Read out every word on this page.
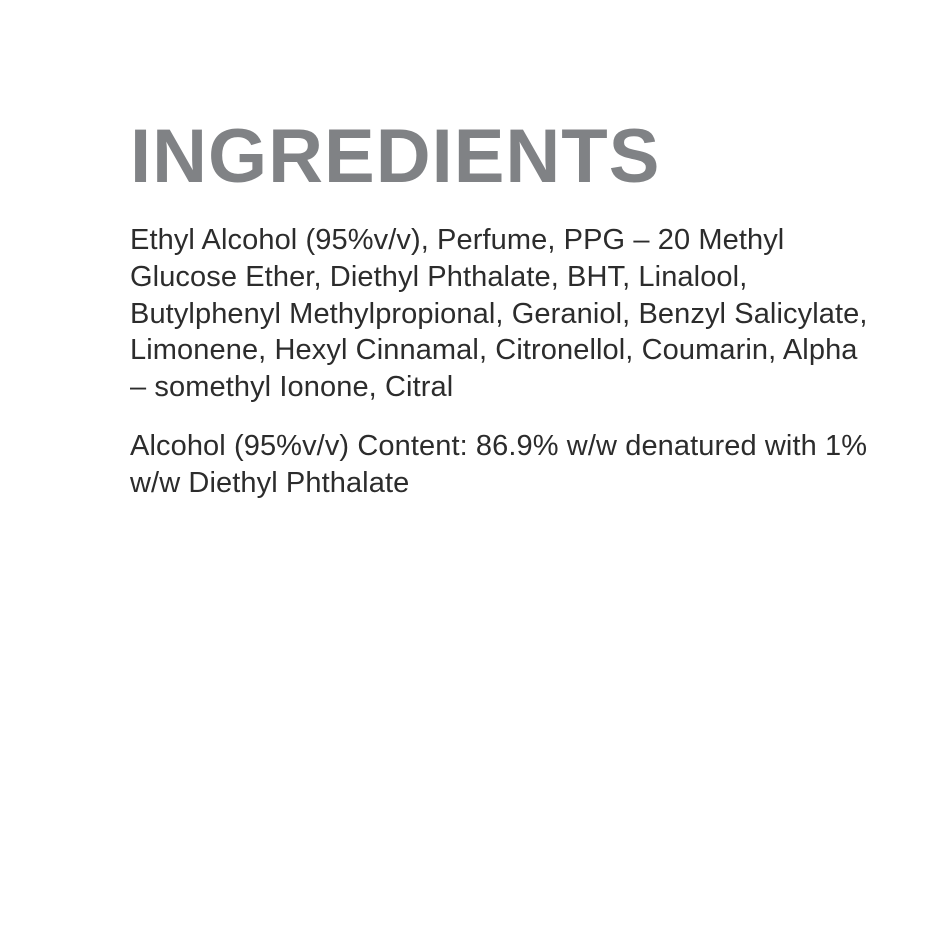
INGREDIENTS

Ethyl Alcohol (95%v/v), Perfume, PPG – 20 Methyl Glucose Ether, Diethyl Phthalate, BHT, Linalool, Butylphenyl Methylpropional, Geraniol, Benzyl Salicylate, Limonene, Hexyl Cinnamal, Citronellol, Coumarin, Alpha – somethyl Ionone, Citral

Alcohol (95%v/v) Content: 86.9% w/w denatured with 1% w/w Diethyl Phthalate
